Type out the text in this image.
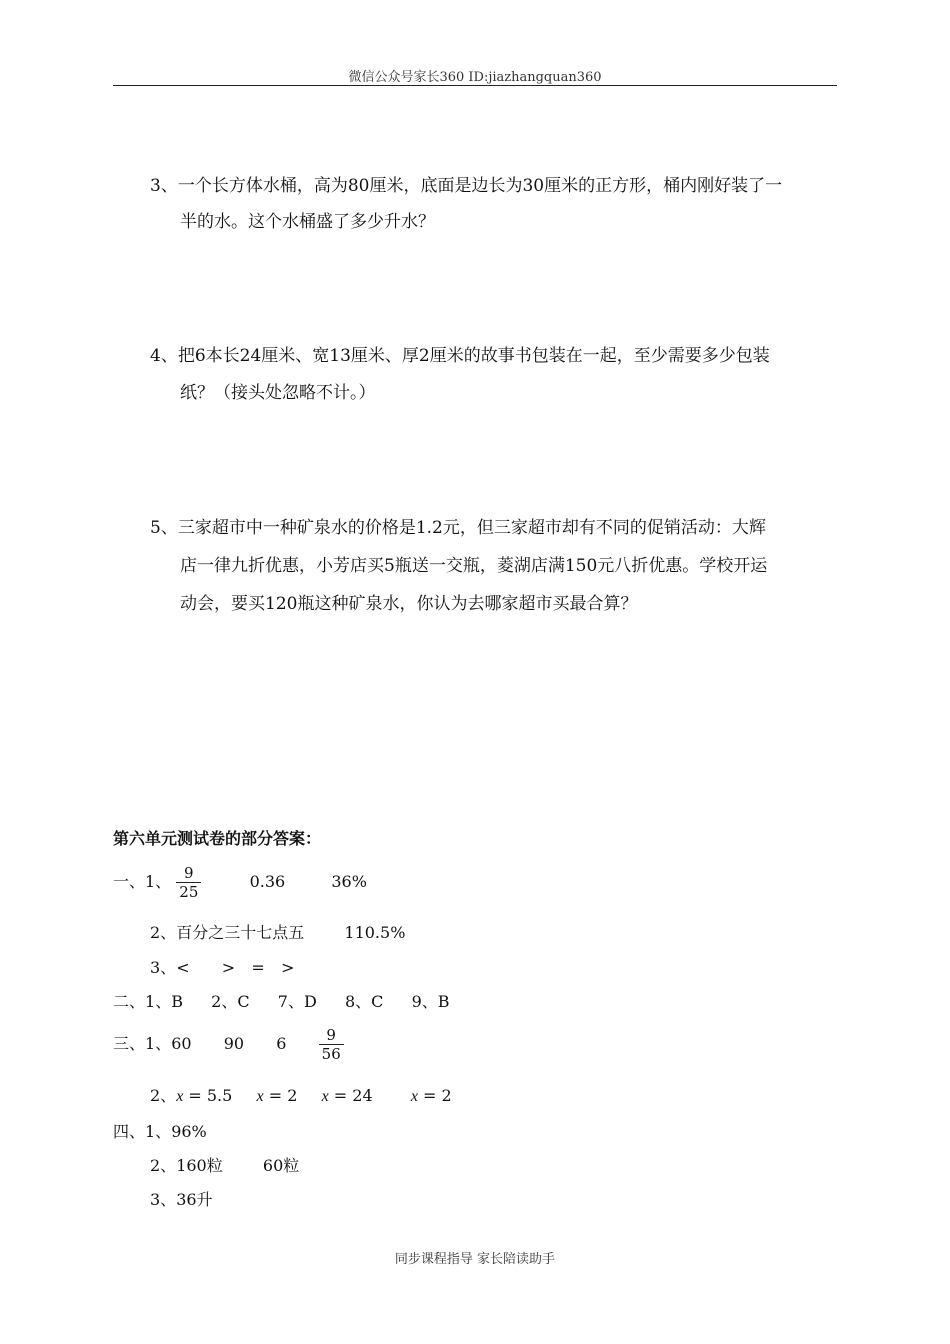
微信公众号家长360 ID:jiazhangquan360
3、一个长方体水桶，高为80厘米，底面是边长为30厘米的正方形，桶内刚好装了一
半的水。这个水桶盛了多少升水？
4、把6本长24厘米、宽13厘米、厚2厘米的故事书包装在一起，至少需要多少包装
纸？（接头处忽略不计。）
5、三家超市中一种矿泉水的价格是1.2元，但三家超市却有不同的促销活动：大辉
店一律九折优惠，小芳店买5瓶送一交瓶，菱湖店满150元八折优惠。学校开运
动会，要买120瓶这种矿泉水，你认为去哪家超市买最合算？
第六单元测试卷的部分答案：
一、1、 $\frac{9}{25}$	0.36	36%
2、百分之三十七点五	110.5%
3、< > = >
二、1、B 2、C 7、D 8、C 9、B
三、1、60 90 $6 \frac{9}{56}$
2、x = 5.5 x = 2 x = 24 x = 2
四、1、96%
2、160粒	60粒
3、36升
同步课程指导 家长陪读助手
